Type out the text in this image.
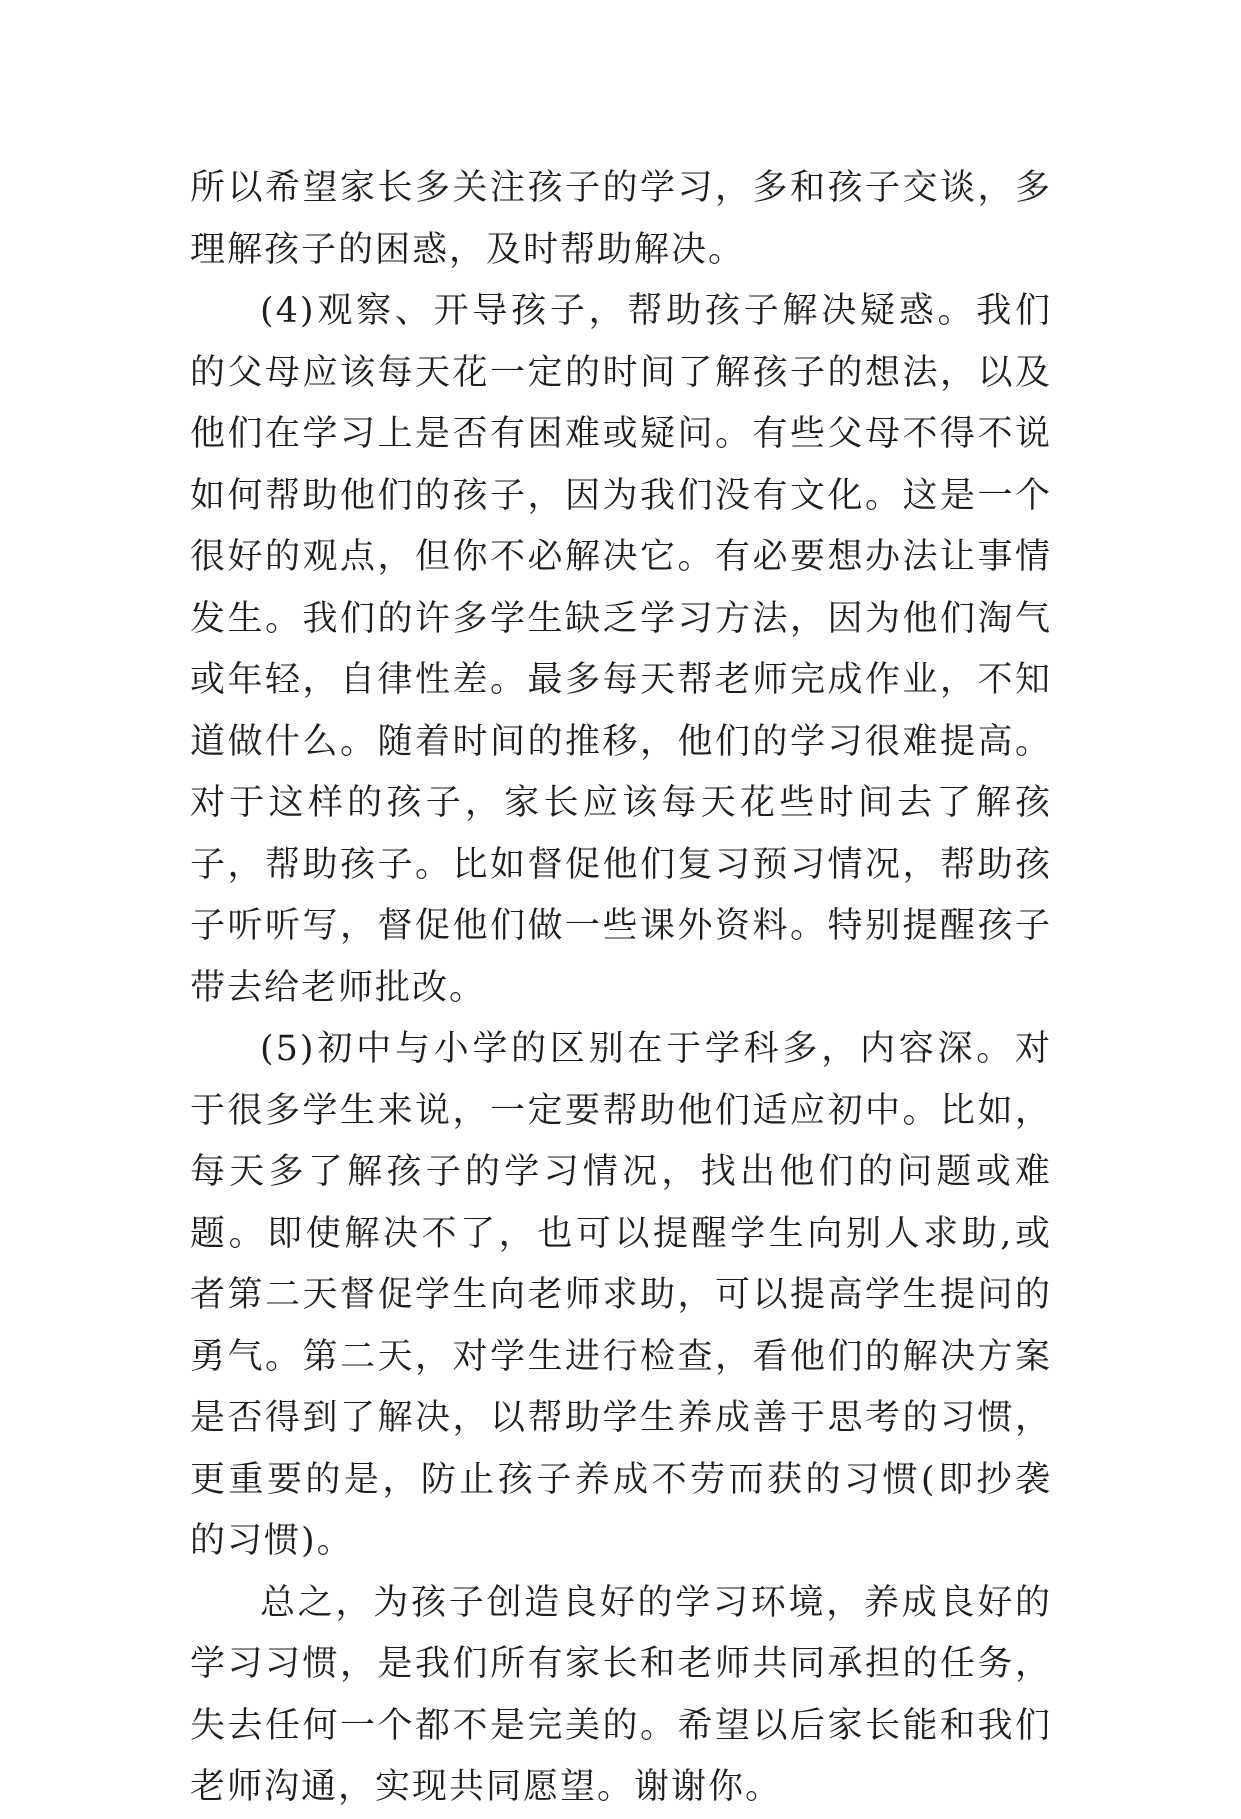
所以希望家长多关注孩子的学习，多和孩子交谈，多理解孩子的困惑，及时帮助解决。

(4)观察、开导孩子，帮助孩子解决疑惑。我们的父母应该每天花一定的时间了解孩子的想法，以及他们在学习上是否有困难或疑问。有些父母不得不说如何帮助他们的孩子，因为我们没有文化。这是一个很好的观点，但你不必解决它。有必要想办法让事情发生。我们的许多学生缺乏学习方法，因为他们淘气或年轻，自律性差。最多每天帮老师完成作业，不知道做什么。随着时间的推移，他们的学习很难提高。对于这样的孩子，家长应该每天花些时间去了解孩子，帮助孩子。比如督促他们复习预习情况，帮助孩子听听写，督促他们做一些课外资料。特别提醒孩子带去给老师批改。

(5)初中与小学的区别在于学科多，内容深。对于很多学生来说，一定要帮助他们适应初中。比如，每天多了解孩子的学习情况，找出他们的问题或难题。即使解决不了，也可以提醒学生向别人求助,或者第二天督促学生向老师求助，可以提高学生提问的勇气。第二天，对学生进行检查，看他们的解决方案是否得到了解决，以帮助学生养成善于思考的习惯，更重要的是，防止孩子养成不劳而获的习惯(即抄袭的习惯)。

总之，为孩子创造良好的学习环境，养成良好的学习习惯，是我们所有家长和老师共同承担的任务，失去任何一个都不是完美的。希望以后家长能和我们老师沟通，实现共同愿望。谢谢你。
